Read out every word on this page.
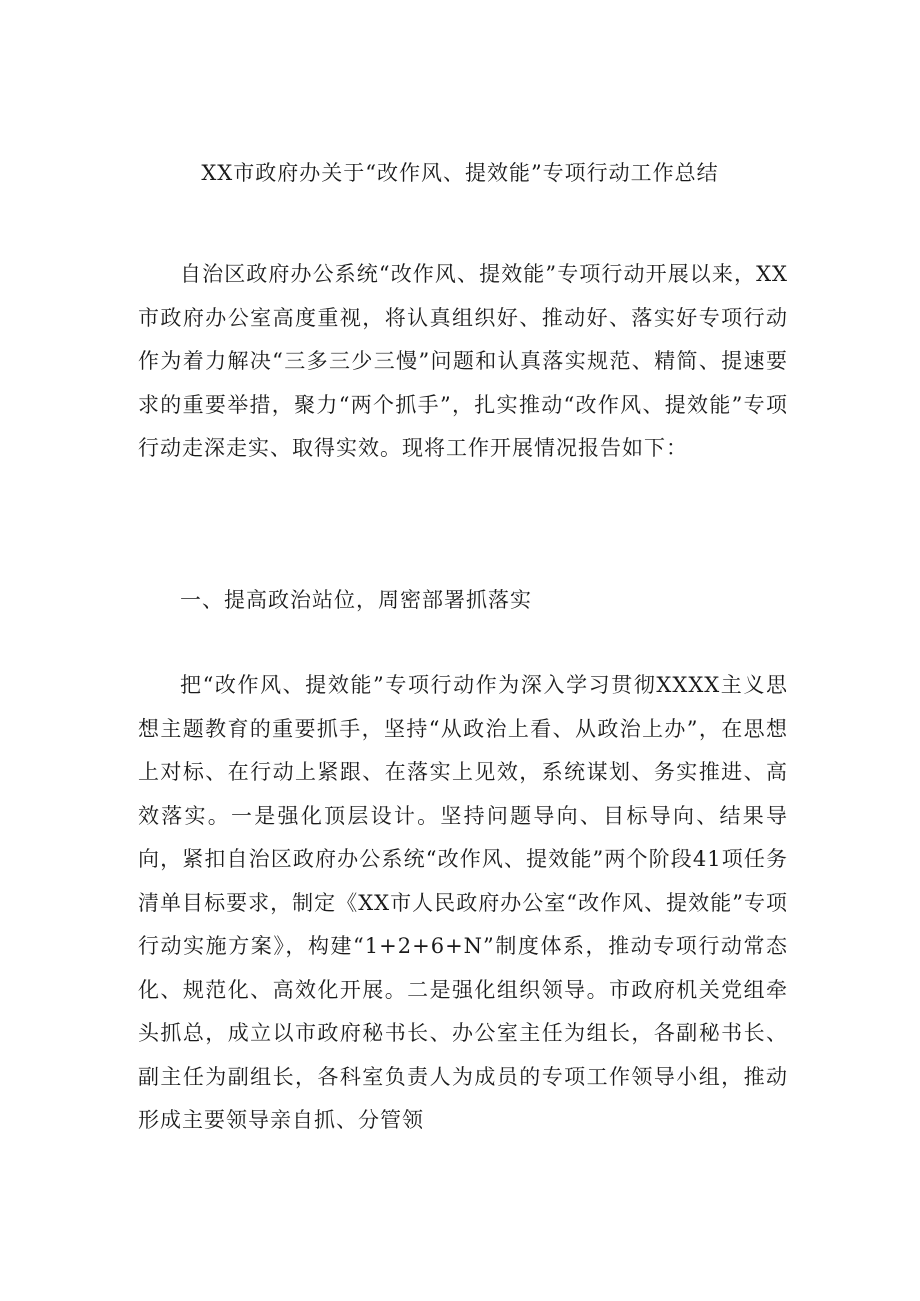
XX市政府办关于“改作风、提效能”专项行动工作总结

自治区政府办公系统“改作风、提效能”专项行动开展以来，XX市政府办公室高度重视，将认真组织好、推动好、落实好专项行动作为着力解决“三多三少三慢”问题和认真落实规范、精简、提速要求的重要举措，聚力“两个抓手”，扎实推动“改作风、提效能”专项行动走深走实、取得实效。现将工作开展情况报告如下：

一、提高政治站位，周密部署抓落实

把“改作风、提效能”专项行动作为深入学习贯彻XXXX主义思想主题教育的重要抓手，坚持“从政治上看、从政治上办”，在思想上对标、在行动上紧跟、在落实上见效，系统谋划、务实推进、高效落实。一是强化顶层设计。坚持问题导向、目标导向、结果导向，紧扣自治区政府办公系统“改作风、提效能”两个阶段41项任务清单目标要求，制定《XX市人民政府办公室“改作风、提效能”专项行动实施方案》，构建“1+2+6+N”制度体系，推动专项行动常态化、规范化、高效化开展。二是强化组织领导。市政府机关党组牵头抓总，成立以市政府秘书长、办公室主任为组长，各副秘书长、副主任为副组长，各科室负责人为成员的专项工作领导小组，推动形成主要领导亲自抓、分管领
